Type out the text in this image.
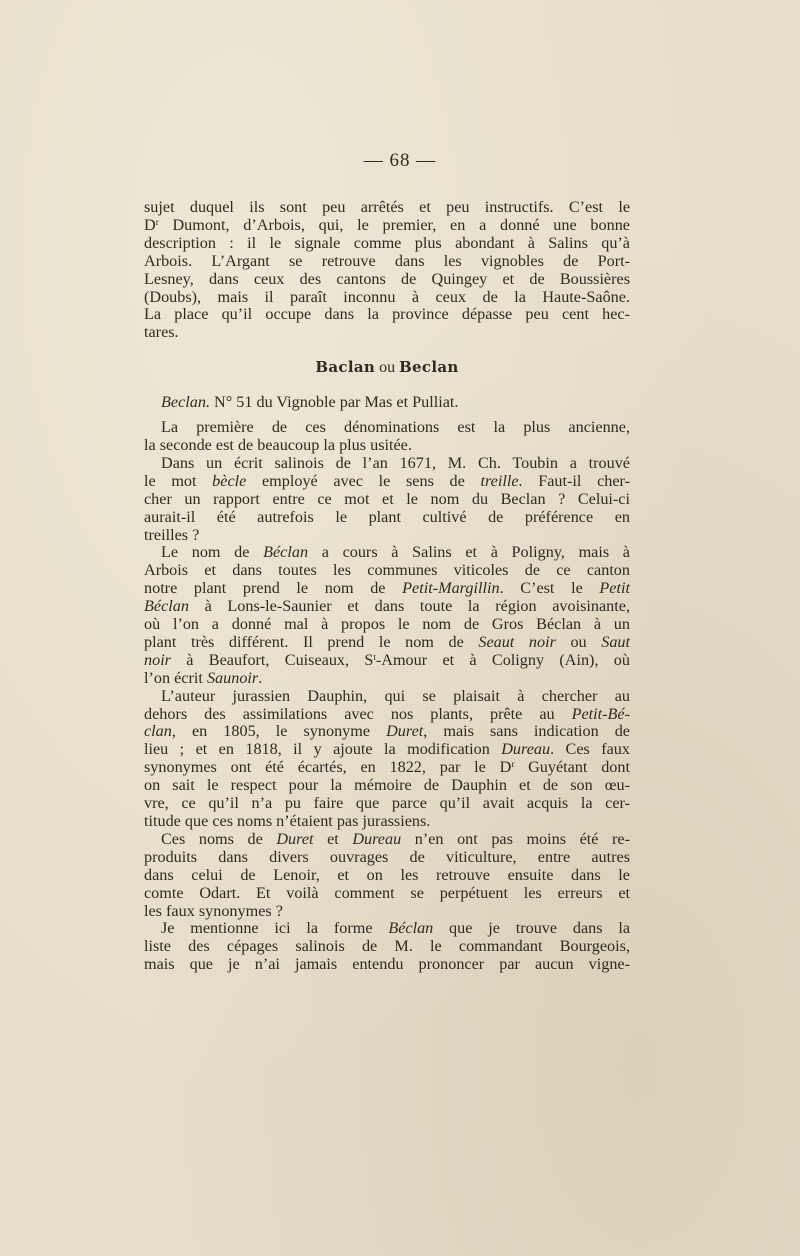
— 68 —
sujet duquel ils sont peu arrêtés et peu instructifs. C’est le
$D^r$ Dumont, d’Arbois, qui, le premier, en a donné une bonne
description : il le signale comme plus abondant à Salins qu’à
Arbois. L’Argant se retrouve dans les vignobles de Port-
Lesney, dans ceux des cantons de Quingey et de Boussières
(Doubs), mais il paraît inconnu à ceux de la Haute-Saône.
La place qu’il occupe dans la province dépasse peu cent hec-
tares.
Baclan ou Beclan
Beclan. N° 51 du Vignoble par Mas et Pulliat.
La première de ces dénominations est la plus ancienne,
la seconde est de beaucoup la plus usitée.
Dans un écrit salinois de l’an 1671, M. Ch. Toubin a trouvé
le mot bècle employé avec le sens de treille. Faut-il cher-
cher un rapport entre ce mot et le nom du Beclan ? Celui-ci
aurait-il été autrefois le plant cultivé de préférence en
treilles ?
Le nom de Béclan a cours à Salins et à Poligny, mais à
Arbois et dans toutes les communes viticoles de ce canton
notre plant prend le nom de Petit-Margillin. C’est le Petit
Béclan à Lons-le-Saunier et dans toute la région avoisinante,
où l’on a donné mal à propos le nom de Gros Béclan à un
plant très différent. Il prend le nom de Seaut noir ou Saut
noir à Beaufort, Cuiseaux, $S^t$-Amour et à Coligny (Ain), où
l’on écrit Saunoir.
L’auteur jurassien Dauphin, qui se plaisait à chercher au
dehors des assimilations avec nos plants, prête au Petit-Bé-
clan, en 1805, le synonyme Duret, mais sans indication de
lieu ; et en 1818, il y ajoute la modification Dureau. Ces faux
synonymes ont été écartés, en 1822, par le $D^r$ Guyétant dont
on sait le respect pour la mémoire de Dauphin et de son œu-
vre, ce qu’il n’a pu faire que parce qu’il avait acquis la cer-
titude que ces noms n’étaient pas jurassiens.
Ces noms de Duret et Dureau n’en ont pas moins été re-
produits dans divers ouvrages de viticulture, entre autres
dans celui de Lenoir, et on les retrouve ensuite dans le
comte Odart. Et voilà comment se perpétuent les erreurs et
les faux synonymes ?
Je mentionne ici la forme Béclan que je trouve dans la
liste des cépages salinois de M. le commandant Bourgeois,
mais que je n’ai jamais entendu prononcer par aucun vigne-
